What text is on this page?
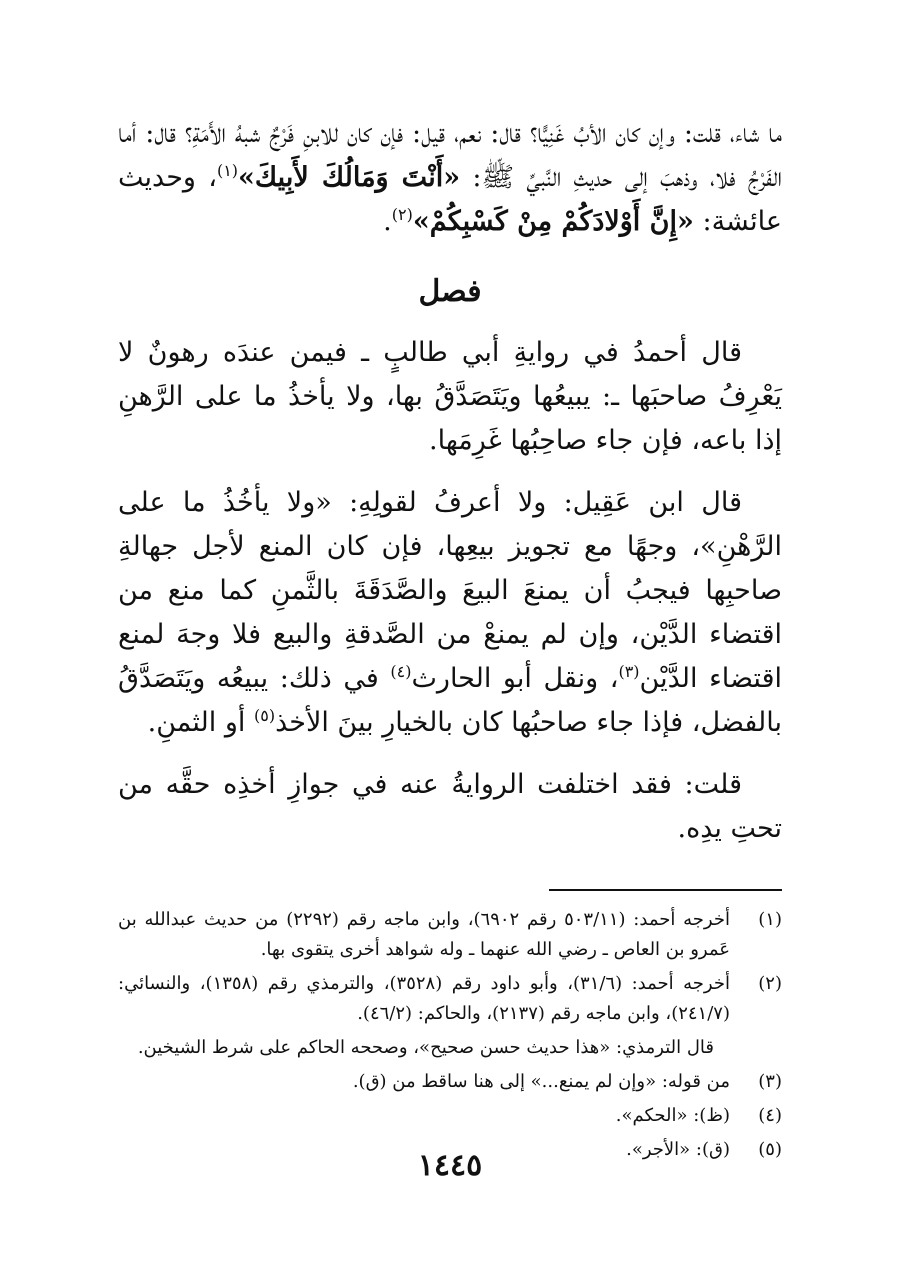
ما شاء، قلت: وإن كان الأبُ غَنِيًّا؟ قال: نعم، قيل: فإن كان للابنِ فَرْجٌ شبهُ الأَمَةِ؟ قال: أما الفَرْجُ فلا، وذهبَ إلى حديثِ النَّبيِّ ﷺ: «أَنْتَ وَمَالُكَ لأَبِيكَ»$^{(١)}$، وحديث عائشة: «إِنَّ أَوْلادَكُمْ مِنْ كَسْبِكُمْ»$^{(٢)}$.

فصل

قال أحمدُ في روايةِ أبي طالبٍ ـ فيمن عندَه رهونٌ لا يَعْرِفُ صاحبَها ـ: يبيعُها ويَتَصَدَّقُ بها، ولا يأخذُ ما على الرَّهنِ إذا باعه، فإن جاء صاحِبُها غَرِمَها.

قال ابن عَقِيل: ولا أعرفُ لقولِهِ: «ولا يأخُذُ ما على الرَّهْنِ»، وجهًا مع تجويز بيعِها، فإن كان المنع لأجل جهالةِ صاحبِها فيجبُ أن يمنعَ البيعَ والصَّدَقَةَ بالثَّمنِ كما منع من اقتضاء الدَّيْن، وإن لم يمنعْ من الصَّدقةِ والبيع فلا وجهَ لمنع اقتضاء الدَّيْن$^{(٣)}$، ونقل أبو الحارث$^{(٤)}$ في ذلك: يبيعُه ويَتَصَدَّقُ بالفضل، فإذا جاء صاحبُها كان بالخيارِ بينَ الأخذ$^{(٥)}$ أو الثمنِ.

قلت: فقد اختلفت الروايةُ عنه في جوازِ أخذِه حقَّه من تحتِ يدِه.

(١)
أخرجه أحمد: (٥٠٣/١١ رقم ٦٩٠٢)، وابن ماجه رقم (٢٢٩٢) من حديث عبدالله بن عَمرو بن العاص ـ رضي الله عنهما ـ وله شواهد أخرى يتقوى بها.

(٢)
أخرجه أحمد: (٣١/٦)، وأبو داود رقم (٣٥٢٨)، والترمذي رقم (١٣٥٨)، والنسائي: (٢٤١/٧)، وابن ماجه رقم (٢١٣٧)، والحاكم: (٤٦/٢).

قال الترمذي: «هذا حديث حسن صحيح»، وصححه الحاكم على شرط الشيخين.

(٣)
من قوله: «وإن لم يمنع...» إلى هنا ساقط من (ق).

(٤)
(ظ): «الحكم».

(٥)
(ق): «الأجر».

١٤٤٥
